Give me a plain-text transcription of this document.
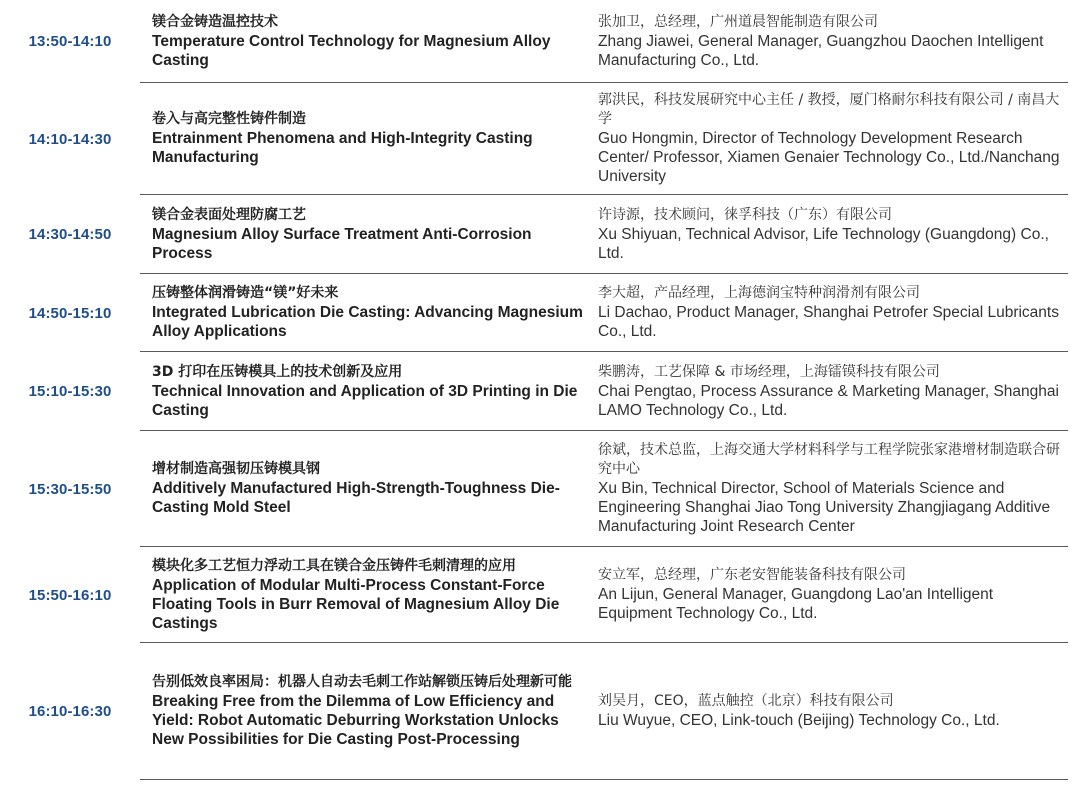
13:50-14:10
镁合金铸造温控技术
Temperature Control Technology for Magnesium Alloy Casting
张加卫，总经理，广州道晨智能制造有限公司
Zhang Jiawei, General Manager, Guangzhou Daochen Intelligent Manufacturing Co., Ltd.
14:10-14:30
卷入与高完整性铸件制造
Entrainment Phenomena and High-Integrity Casting Manufacturing
郭洪民，科技发展研究中心主任 / 教授，厦门格耐尔科技有限公司 / 南昌大学
Guo Hongmin, Director of Technology Development Research Center/ Professor, Xiamen Genaier Technology Co., Ltd./Nanchang University
14:30-14:50
镁合金表面处理防腐工艺
Magnesium Alloy Surface Treatment Anti-Corrosion Process
许诗源，技术顾问，徕孚科技（广东）有限公司
Xu Shiyuan, Technical Advisor, Life Technology (Guangdong) Co., Ltd.
14:50-15:10
压铸整体润滑铸造“镁”好未来
Integrated Lubrication Die Casting: Advancing Magnesium Alloy Applications
李大超，产品经理，上海德润宝特种润滑剂有限公司
Li Dachao, Product Manager, Shanghai Petrofer Special Lubricants Co., Ltd.
15:10-15:30
3D 打印在压铸模具上的技术创新及应用
Technical Innovation and Application of 3D Printing in Die Casting
柴鹏涛，工艺保障 & 市场经理，上海镭镆科技有限公司
Chai Pengtao, Process Assurance & Marketing Manager, Shanghai LAMO Technology Co., Ltd.
15:30-15:50
增材制造高强韧压铸模具钢
Additively Manufactured High-Strength-Toughness Die-Casting Mold Steel
徐斌，技术总监，上海交通大学材料科学与工程学院张家港增材制造联合研究中心
Xu Bin, Technical Director, School of Materials Science and Engineering Shanghai Jiao Tong University Zhangjiagang Additive Manufacturing Joint Research Center
15:50-16:10
模块化多工艺恒力浮动工具在镁合金压铸件毛刺清理的应用
Application of Modular Multi-Process Constant-Force Floating Tools in Burr Removal of Magnesium Alloy Die Castings
安立军，总经理，广东老安智能装备科技有限公司
An Lijun, General Manager, Guangdong Lao'an Intelligent Equipment Technology Co., Ltd.
16:10-16:30
告别低效良率困局：机器人自动去毛刺工作站解锁压铸后处理新可能
Breaking Free from the Dilemma of Low Efficiency and Yield: Robot Automatic Deburring Workstation Unlocks New Possibilities for Die Casting Post-Processing
刘吴月，CEO，蓝点触控（北京）科技有限公司
Liu Wuyue, CEO, Link-touch (Beijing) Technology Co., Ltd.
